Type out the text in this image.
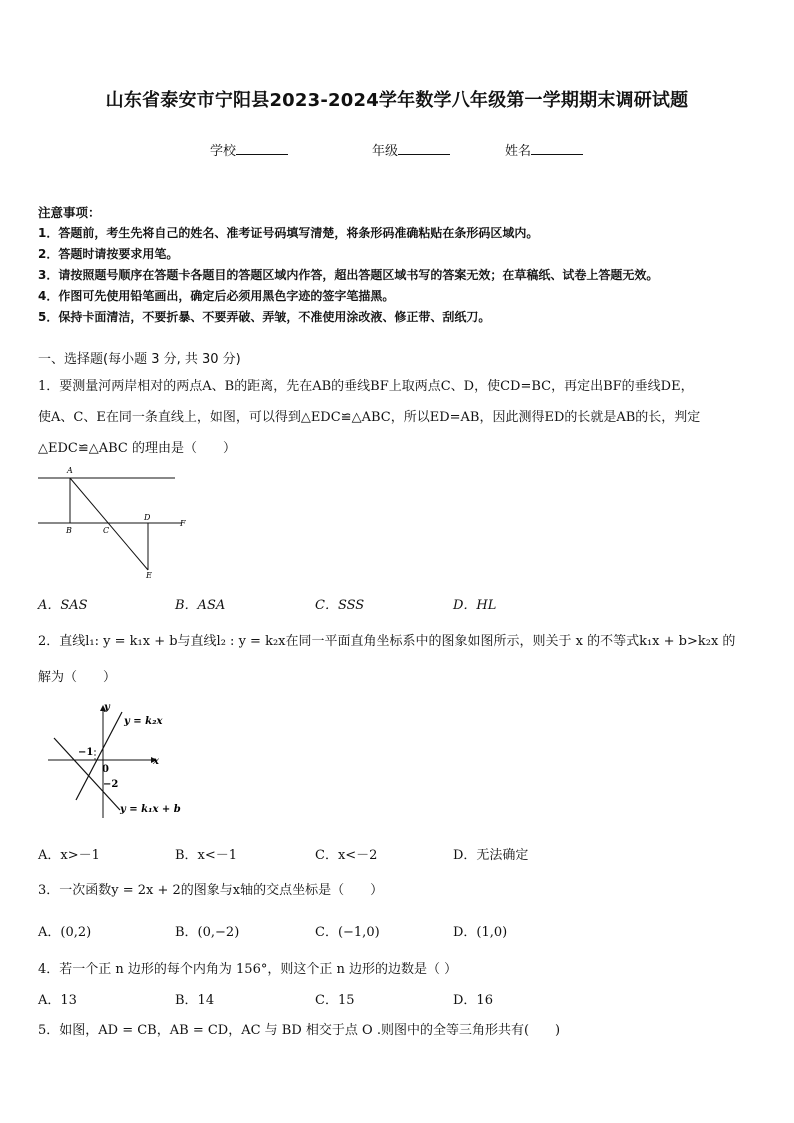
山东省泰安市宁阳县2023-2024学年数学八年级第一学期期末调研试题
学校	年级	姓名
注意事项：
1．答题前，考生先将自己的姓名、准考证号码填写清楚，将条形码准确粘贴在条形码区域内。
2．答题时请按要求用笔。
3．请按照题号顺序在答题卡各题目的答题区域内作答，超出答题区域书写的答案无效；在草稿纸、试卷上答题无效。
4．作图可先使用铅笔画出，确定后必须用黑色字迹的签字笔描黑。
5．保持卡面清洁，不要折暴、不要弄破、弄皱，不准使用涂改液、修正带、刮纸刀。
一、选择题(每小题 3 分, 共 30 分)
1．要测量河两岸相对的两点A、B的距离，先在AB的垂线BF上取两点C、D，使CD=BC，再定出BF的垂线DE，
使A、C、E在同一条直线上，如图，可以得到△EDC≌△ABC，所以ED=AB，因此测得ED的长就是AB的长，判定
△EDC≌△ABC 的理由是（　　）
A
B	C
D
E
F
A．SAS	B．ASA	C．SSS	D．HL
2．直线l₁: y = k₁x + b与直线l₂ : y = k₂x在同一平面直角坐标系中的图象如图所示，则关于 x 的不等式k₁x + b>k₂x 的
解为（　　）
y
x
y = k₂x
y = k₁x + b
−1
0
−2
A．x>－1	B．x<－1	C．x<－2	D．无法确定
3．一次函数y = 2x + 2的图象与x轴的交点坐标是（　　）
A．(0,2)	B．(0,−2)	C．(−1,0)	D．(1,0)
4．若一个正 n 边形的每个内角为 156°，则这个正 n 边形的边数是（ ）
A．13	B．14	C．15	D．16
5．如图，AD = CB，AB = CD，AC 与 BD 相交于点 O .则图中的全等三角形共有(　　)
